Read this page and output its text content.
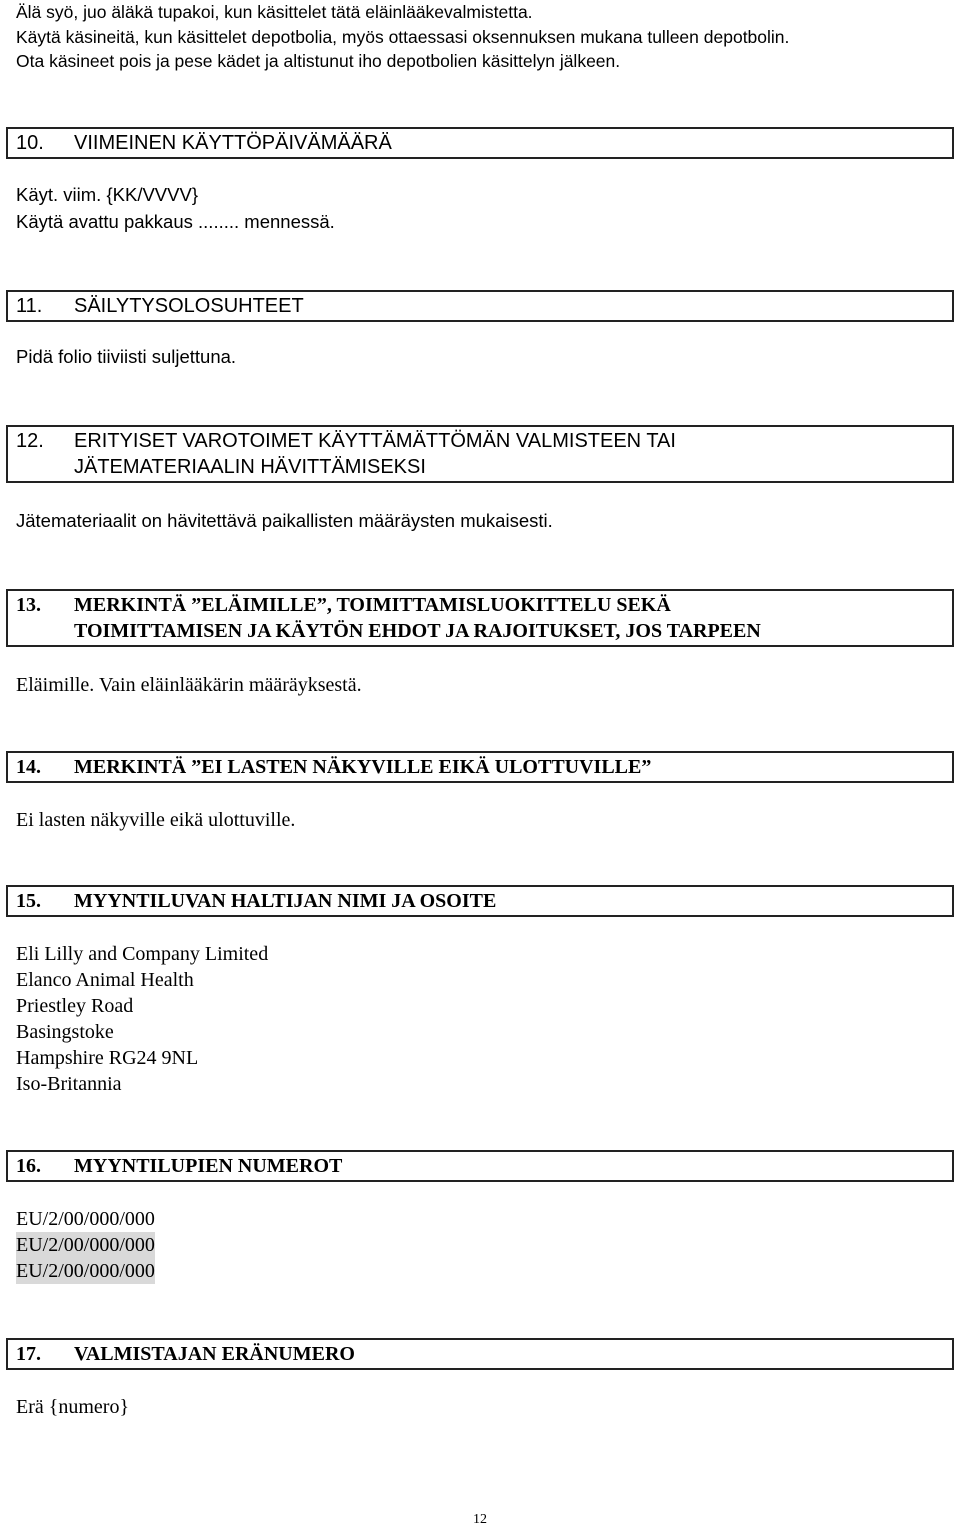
Älä syö, juo äläkä tupakoi, kun käsittelet tätä eläinlääkevalmistetta.
Käytä käsineitä, kun käsittelet depotbolia, myös ottaessasi oksennuksen mukana tulleen depotbolin.
Ota käsineet pois ja pese kädet ja altistunut iho depotbolien käsittelyn jälkeen.
10.	VIIMEINEN KÄYTTÖPÄIVÄMÄÄRÄ
Käyt. viim. {KK/VVVV}
Käytä avattu pakkaus ........ mennessä.
11.	SÄILYTYSOLOSUHTEET
Pidä folio tiiviisti suljettuna.
12.	ERITYISET VAROTOIMET KÄYTTÄMÄTTÖMÄN VALMISTEEN TAI
JÄTEMATERIAALIN HÄVITTÄMISEKSI
Jätemateriaalit on hävitettävä paikallisten määräysten mukaisesti.
13.	MERKINTÄ ”ELÄIMILLE”, TOIMITTAMISLUOKITTELU SEKÄ
TOIMITTAMISEN JA KÄYTÖN EHDOT JA RAJOITUKSET, JOS TARPEEN
Eläimille. Vain eläinlääkärin määräyksestä.
14.	MERKINTÄ ”EI LASTEN NÄKYVILLE EIKÄ ULOTTUVILLE”
Ei lasten näkyville eikä ulottuville.
15.	MYYNTILUVAN HALTIJAN NIMI JA OSOITE
Eli Lilly and Company Limited
Elanco Animal Health
Priestley Road
Basingstoke
Hampshire RG24 9NL
Iso-Britannia
16.	MYYNTILUPIEN NUMEROT
EU/2/00/000/000
EU/2/00/000/000
EU/2/00/000/000
17.	VALMISTAJAN ERÄNUMERO
Erä {numero}
12
